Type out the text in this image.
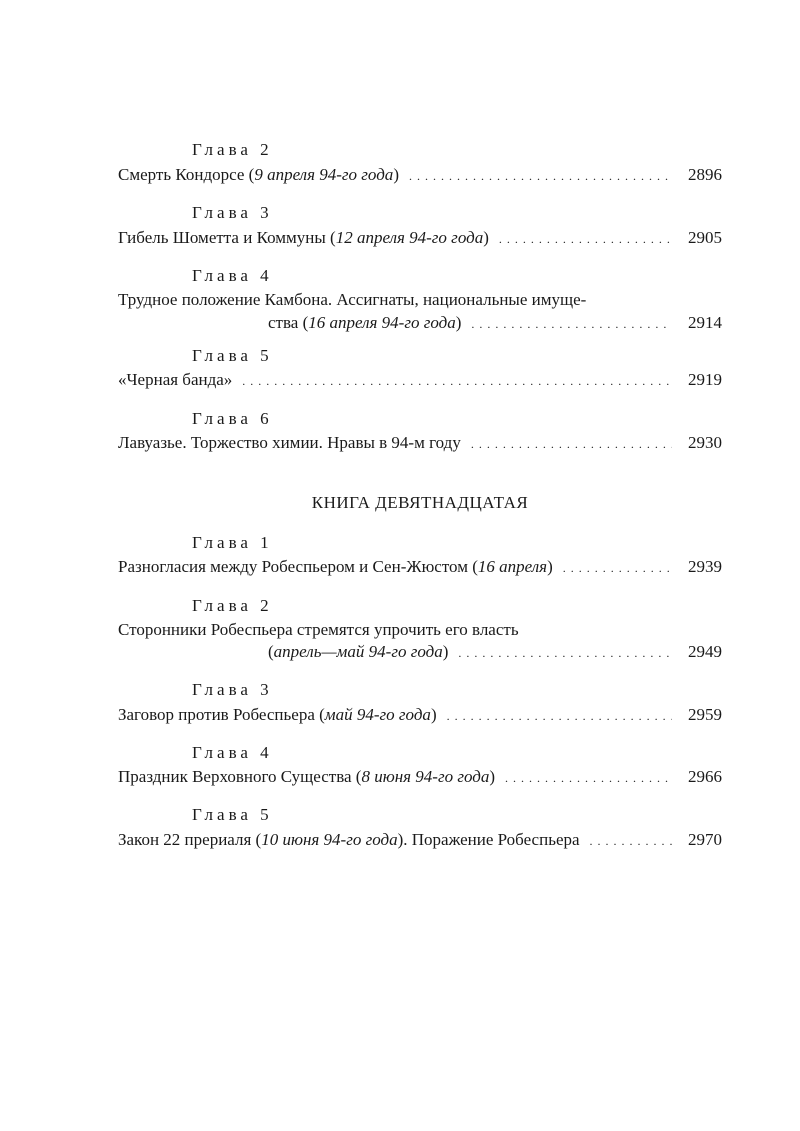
Глава 2
Смерть Кондорсе (9 апреля 94-го года) . . .	2896
Глава 3
Гибель Шометта и Коммуны (12 апреля 94-го года) . . .	2905
Глава 4
Трудное положение Камбона. Ассигнаты, национальные имуще-
ства (16 апреля 94-го года) . . .	2914
Глава 5
«Черная банда» . . .	2919
Глава 6
Лавуазье. Торжество химии. Нравы в 94-м году . . .	2930
КНИГА ДЕВЯТНАДЦАТАЯ
Глава 1
Разногласия между Робеспьером и Сен-Жюстом (16 апреля) . . .	2939
Глава 2
Сторонники Робеспьера стремятся упрочить его власть
(апрель—май 94-го года) . . .	2949
Глава 3
Заговор против Робеспьера (май 94-го года) . . .	2959
Глава 4
Праздник Верховного Существа (8 июня 94-го года) . . .	2966
Глава 5
Закон 22 прериаля (10 июня 94-го года). Поражение Робеспьера . . .	2970
